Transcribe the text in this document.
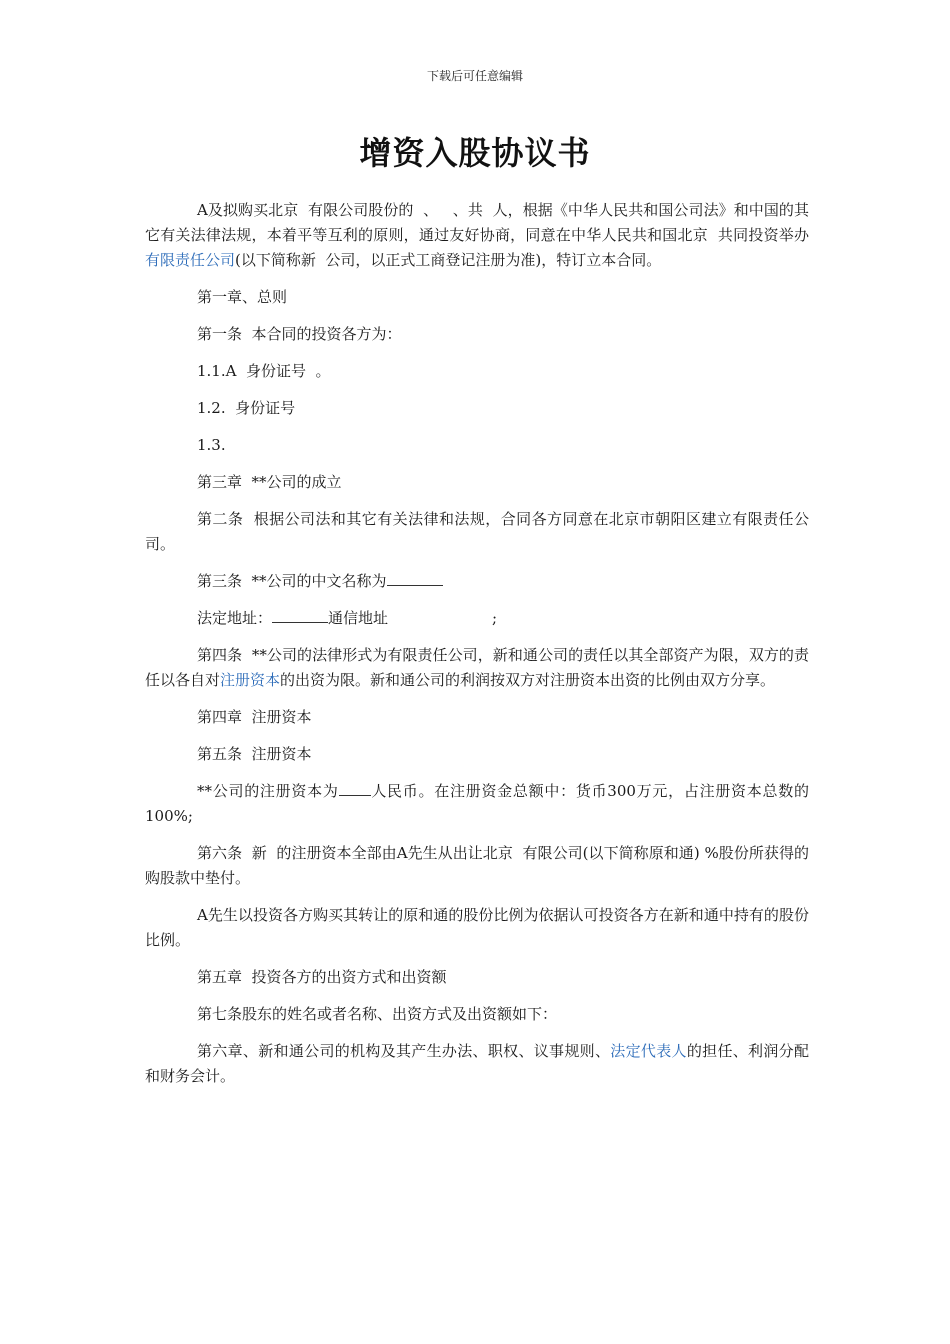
下载后可任意编辑
增资入股协议书

A及拟购买北京  有限公司股份的  、   、共  人，根据《中华人民共和国公司法》和中国的其它有关法律法规，本着平等互利的原则，通过友好协商，同意在中华人民共和国北京  共同投资举办有限责任公司(以下简称新  公司，以正式工商登记注册为准)，特订立本合同。

第一章、总则

第一条  本合同的投资各方为：

1.1.A  身份证号  。

1.2.  身份证号

1.3.

第三章  **公司的成立

第二条  根据公司法和其它有关法律和法规，合同各方同意在北京市朝阳区建立有限责任公司。

第三条  **公司的中文名称为

法定地址：	通信地址	;

第四条  **公司的法律形式为有限责任公司，新和通公司的责任以其全部资产为限，双方的责任以各自对注册资本的出资为限。新和通公司的利润按双方对注册资本出资的比例由双方分享。

第四章  注册资本

第五条  注册资本

**公司的注册资本为 人民币。在注册资金总额中：货币300万元，占注册资本总数的100%;

第六条  新  的注册资本全部由A先生从出让北京  有限公司(以下简称原和通) %股份所获得的购股款中垫付。

A先生以投资各方购买其转让的原和通的股份比例为依据认可投资各方在新和通中持有的股份比例。

第五章  投资各方的出资方式和出资额

第七条股东的姓名或者名称、出资方式及出资额如下：

第六章、新和通公司的机构及其产生办法、职权、议事规则、法定代表人的担任、利润分配和财务会计。
